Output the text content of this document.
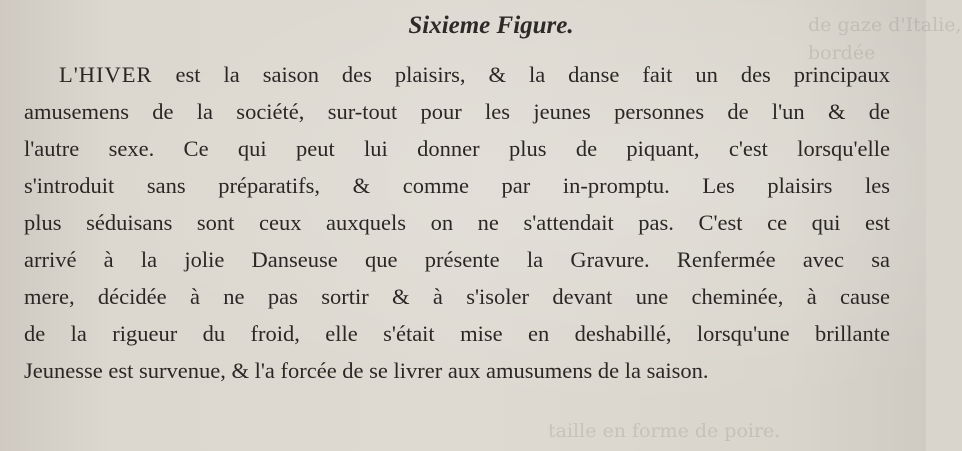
de gaze d'Italie,
bordée
taille en forme de poire.
Sixieme Figure.
L'HIVER est la saison des plaisirs, & la danse fait un des principaux
amusemens de la société, sur-tout pour les jeunes personnes de l'un & de
l'autre sexe. Ce qui peut lui donner plus de piquant, c'est lorsqu'elle
s'introduit sans préparatifs, & comme par in-promptu. Les plaisirs les
plus séduisans sont ceux auxquels on ne s'attendait pas. C'est ce qui est
arrivé à la jolie Danseuse que présente la Gravure. Renfermée avec sa
mere, décidée à ne pas sortir & à s'isoler devant une cheminée, à cause
de la rigueur du froid, elle s'était mise en deshabillé, lorsqu'une brillante
Jeunesse est survenue, & l'a forcée de se livrer aux amusumens de la saison.
